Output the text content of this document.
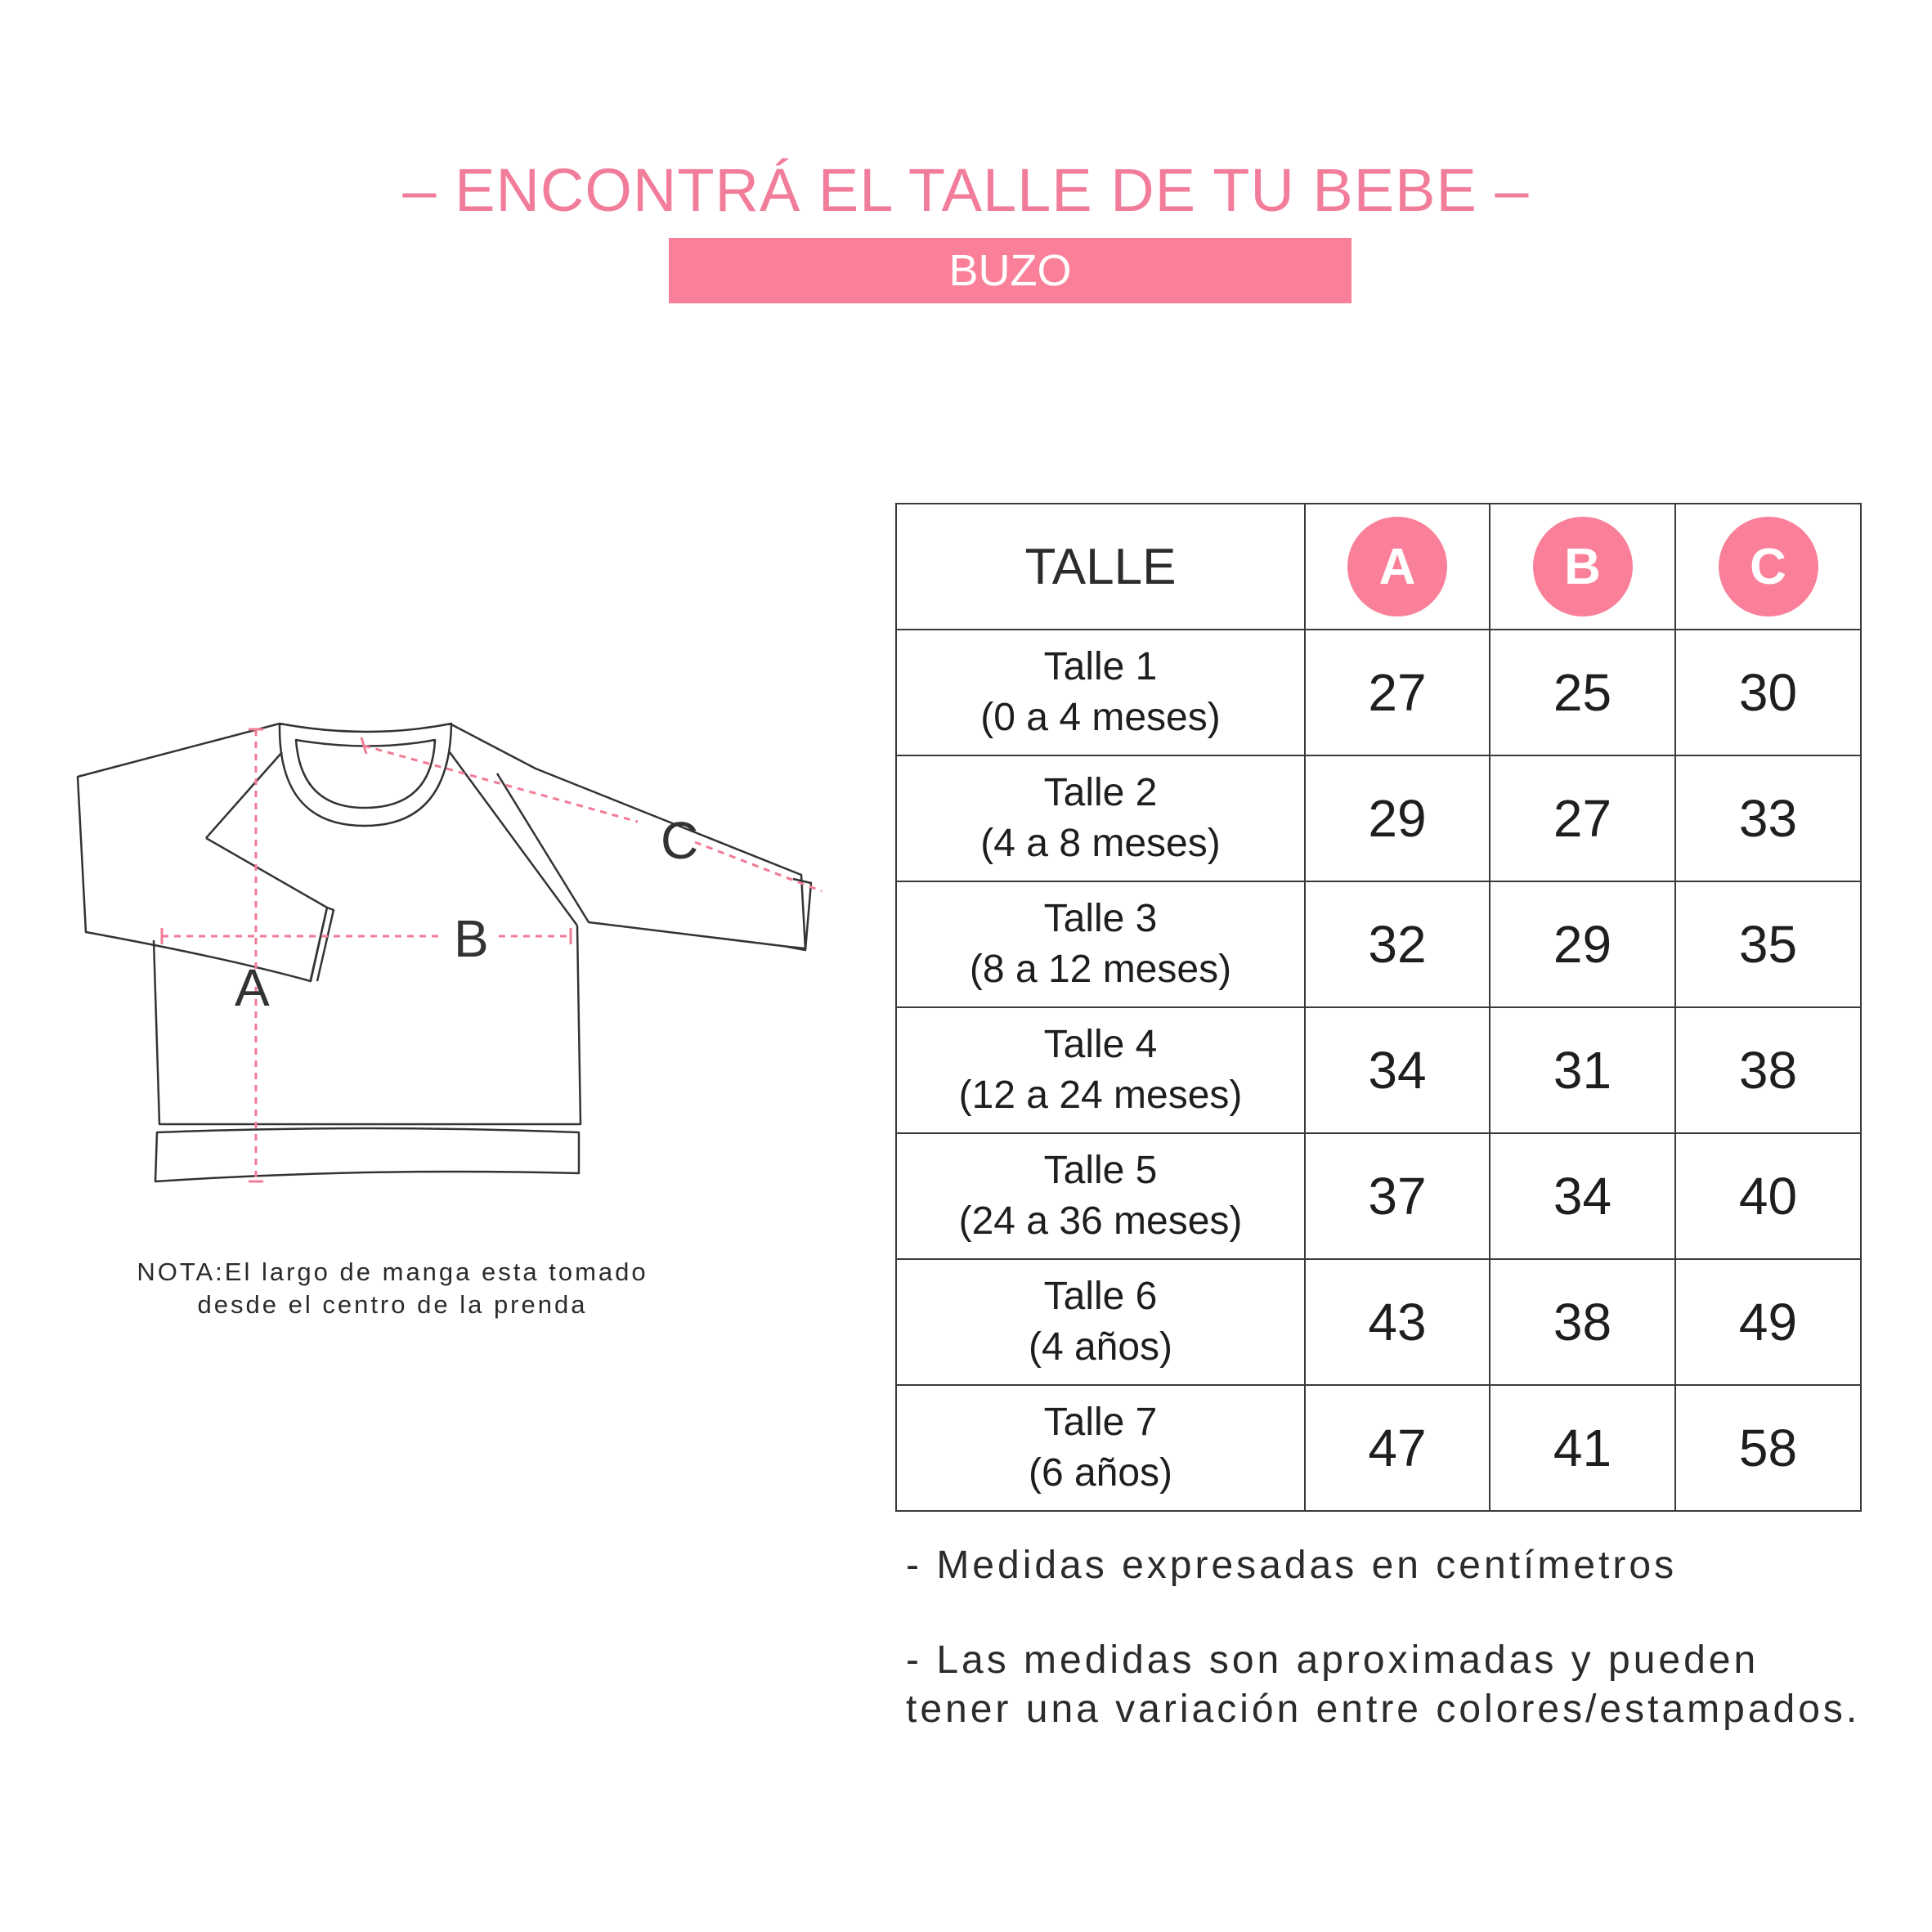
– ENCONTRÁ EL TALLE DE TU BEBE –
BUZO
A
B
C
NOTA:El largo de manga esta tomado
desde el centro de la prenda
TALLE	A	B	C

Talle 1
(0 a 4 meses)	27	25	30

Talle 2
(4 a 8 meses)	29	27	33

Talle 3
(8 a 12 meses)	32	29	35

Talle 4
(12 a 24 meses)	34	31	38

Talle 5
(24 a 36 meses)	37	34	40

Talle 6
(4 años)	43	38	49

Talle 7
(6 años)	47	41	58
- Medidas expresadas en centímetros
- Las medidas son aproximadas y pueden
tener una variación entre colores/estampados.
